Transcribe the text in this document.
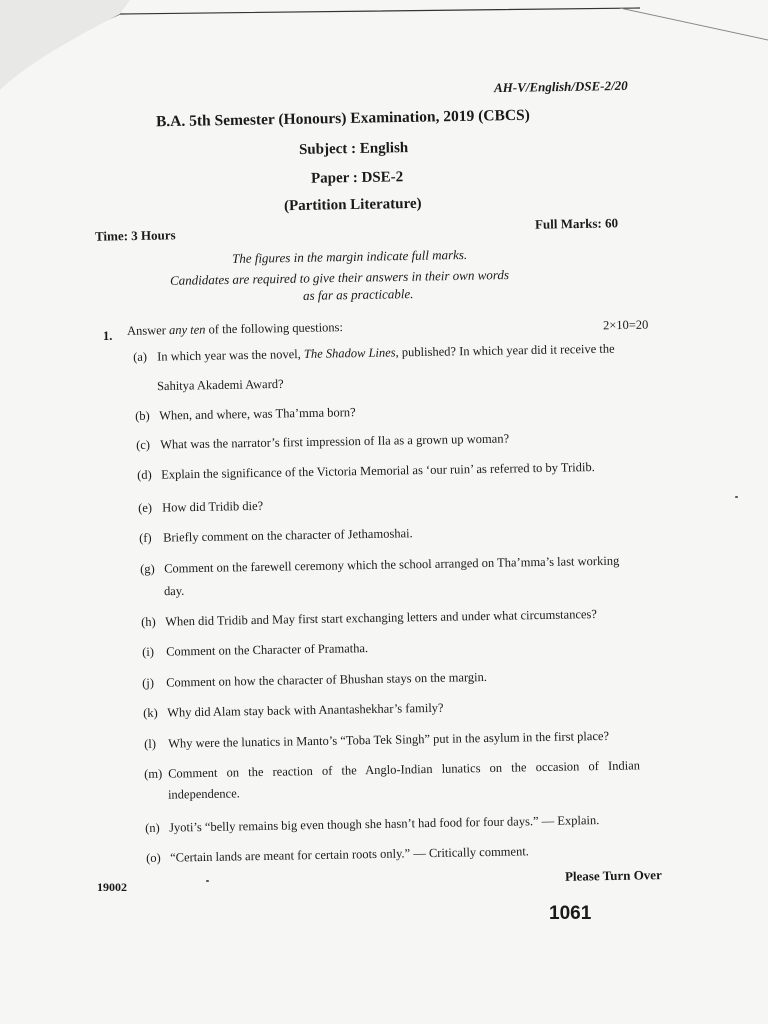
AH-V/English/DSE-2/20
B.A. 5th Semester (Honours) Examination, 2019 (CBCS)
Subject : English
Paper : DSE-2
(Partition Literature)
Full Marks: 60
Time: 3 Hours
The figures in the margin indicate full marks.
Candidates are required to give their answers in their own words
as far as practicable.
1. Answer any ten of the following questions:	2×10=20
(a) In which year was the novel, The Shadow Lines, published? In which year did it receive the
Sahitya Akademi Award?
(b) When, and where, was Tha’mma born?
(c) What was the narrator’s first impression of Ila as a grown up woman?
(d) Explain the significance of the Victoria Memorial as ‘our ruin’ as referred to by Tridib.
(e) How did Tridib die?
(f) Briefly comment on the character of Jethamoshai.
(g) Comment on the farewell ceremony which the school arranged on Tha’mma’s last working
day.
(h) When did Tridib and May first start exchanging letters and under what circumstances?
(i) Comment on the Character of Pramatha.
(j) Comment on how the character of Bhushan stays on the margin.
(k) Why did Alam stay back with Anantashekhar’s family?
(l) Why were the lunatics in Manto’s “Toba Tek Singh” put in the asylum in the first place?
(m) Comment on the reaction of the Anglo-Indian lunatics on the occasion of Indian
independence.
(n) Jyoti’s “belly remains big even though she hasn’t had food for four days.” — Explain.
(o) “Certain lands are meant for certain roots only.” — Critically comment.
Please Turn Over
19002
1061
